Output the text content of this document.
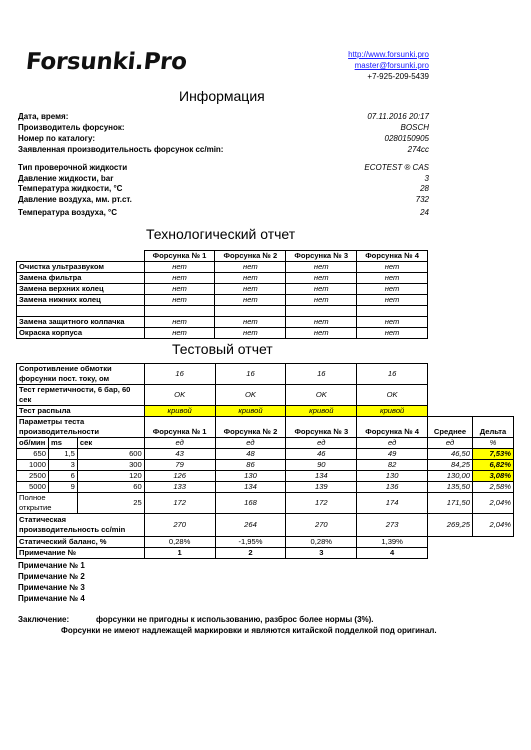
Forsunki.Pro	http://www.forsunki.pro
master@forsunki.pro
+7-925-209-5439
Информация
Дата, время:	07.11.2016 20:17
Производитель форсунок:	BOSCH
Номер по каталогу:	0280150905
Заявленная производительность форсунок cc/min:	274cc
Тип проверочной жидкости	ECOTEST ® CAS
Давление жидкости, bar	3
Температура жидкости, °C	28
Давление воздуха, мм. рт.ст.	732
Температура воздуха, °C	24
Технологический отчет
	Форсунка № 1	Форсунка № 2	Форсунка № 3	Форсунка № 4
Очистка ультразвуком	нет	нет	нет	нет
Замена фильтра	нет	нет	нет	нет
Замена верхних колец	нет	нет	нет	нет
Замена нижних колец	нет	нет	нет	нет

Замена защитного колпачка	нет	нет	нет	нет
Окраска корпуса	нет	нет	нет	нет
Тестовый отчет
Сопротивление обмотки
форсунки пост. току, ом			16	16	16	16		

Тест герметичности, 6 бар, 60
сек			OK	OK	OK	OK		
Тест распыла			кривой	кривой	кривой	кривой		

Параметры теста
производительности			Форсунка № 1	Форсунка № 2	Форсунка № 3	Форсунка № 4	Среднее	Дельта
об/мин	ms	сек	ед	ед	ед	ед	ед	%
650	1,5	600	43	48	46	49	46,50	7,53%
1000	3	300	79	86	90	82	84,25	6,82%
2500	6	120	126	130	134	130	130,00	3,08%
5000	9	60	133	134	139	136	135,50	2,58%
Полное открытие		25	172	168	172	174	171,50	2,04%

Статическая
производительность cc/min			270	264	270	273	269,25	2,04%
Статический баланс, %			0,28%	-1,95%	0,28%	1,39%		
Примечание №			1	2	3	4		
Примечание № 1
Примечание № 2
Примечание № 3
Примечание № 4
Заключение:	форсунки не пригодны к использованию, разброс более нормы (3%).
Форсунки не имеют надлежащей маркировки и являются китайской подделкой под оригинал.
